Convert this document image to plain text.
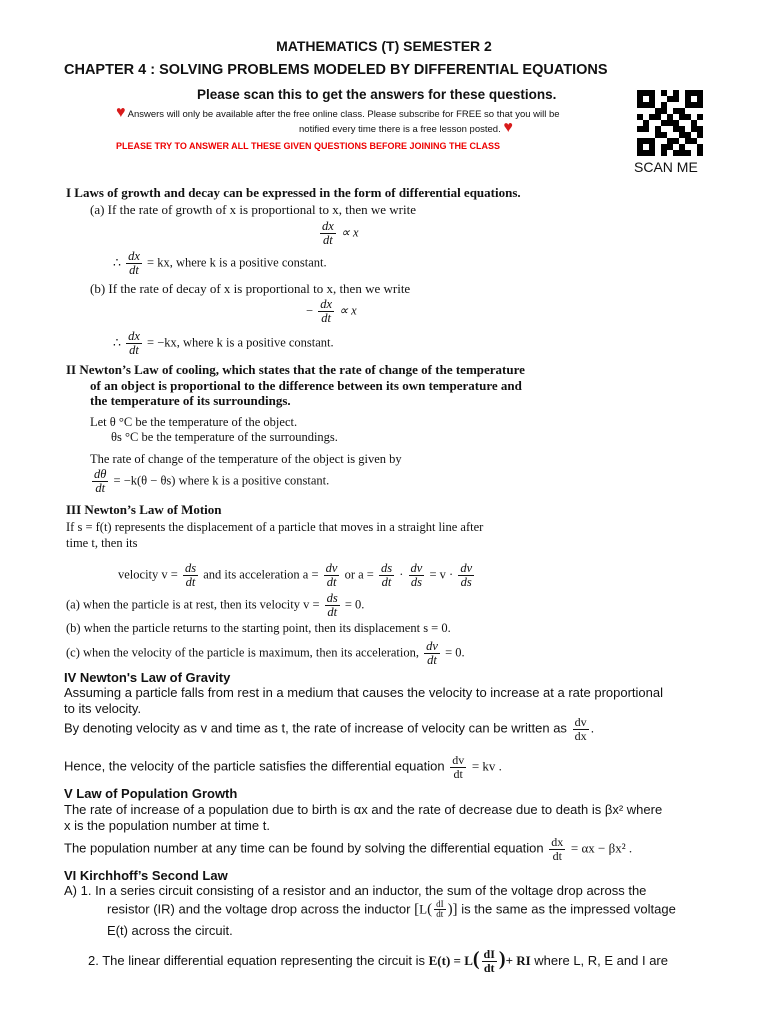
MATHEMATICS (T) SEMESTER 2
CHAPTER 4 : SOLVING PROBLEMS MODELED BY DIFFERENTIAL EQUATIONS
Please scan this to get the answers for these questions.
♥ Answers will only be available after the free online class. Please subscribe for FREE so that you will be
notified every time there is a free lesson posted. ♥
PLEASE TRY TO ANSWER ALL THESE GIVEN QUESTIONS BEFORE JOINING THE CLASS
SCAN ME
I Laws of growth and decay can be expressed in the form of differential equations.
(a) If the rate of growth of x is proportional to x, then we write
$\frac{dx}{dt} \propto x$
∴ $\frac{dx}{dt}$ = kx, where k is a positive constant.
(b) If the rate of decay of x is proportional to x, then we write
− $\frac{dx}{dt} \propto x$
∴ $\frac{dx}{dt} = -kx$, where k is a positive constant.
II Newton’s Law of cooling, which states that the rate of change of the temperature
of an object is proportional to the difference between its own temperature and
the temperature of its surroundings.
Let θ °C be the temperature of the object.
θs °C be the temperature of the surroundings.
The rate of change of the temperature of the object is given by
$\frac{d\theta}{dt} = -k(\theta - \theta s)$ where k is a positive constant.
III Newton’s Law of Motion
If s = f(t) represents the displacement of a particle that moves in a straight line after
time t, then its
velocity $v = \frac{ds}{dt}$ and its acceleration $a = \frac{dv}{dt}$ or $a = \frac{ds}{dt} \cdot \frac{dv}{ds} = v \cdot \frac{dv}{ds}$
(a) when the particle is at rest, then its velocity $v = \frac{ds}{dt} = 0$.
(b) when the particle returns to the starting point, then its displacement s = 0.
(c) when the velocity of the particle is maximum, then its acceleration, $\frac{dv}{dt} = 0$.
IV Newton's Law of Gravity
Assuming a particle falls from rest in a medium that causes the velocity to increase at a rate proportional
to its velocity.
By denoting velocity as v and time as t, the rate of increase of velocity can be written as $\frac{dv}{dx}$ .
Hence, the velocity of the particle satisfies the differential equation $\frac{dv}{dt}$ = kv .
V Law of Population Growth
The rate of increase of a population due to birth is αx and the rate of decrease due to death is βx² where
x is the population number at time t.
The population number at any time can be found by solving the differential equation $\frac{dx}{dt} = \alpha x - \beta x^2$ .
VI Kirchhoff’s Second Law
A) 1. In a series circuit consisting of a resistor and an inductor, the sum of the voltage drop across the
resistor (IR) and the voltage drop across the inductor [$L( \frac{dI}{dt}$ )] is the same as the impressed voltage
E(t) across the circuit.
2. The linear differential equation representing the circuit is $E(t) = L( \frac{dI}{dt}$ )+ RI where L, R, E and I are
